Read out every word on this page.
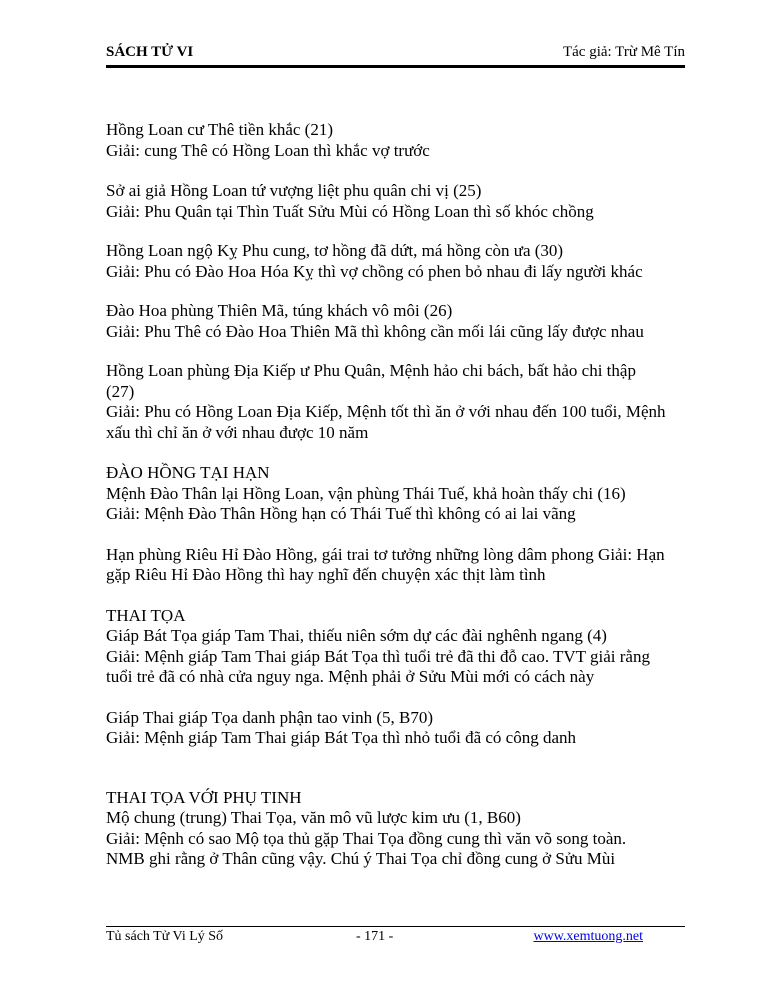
SÁCH TỬ VI	Tác giả: Trừ Mê Tín

Hồng Loan cư Thê tiền khắc (21)

Giải: cung Thê có Hồng Loan thì khắc vợ trước

Sở ai giả Hồng Loan tứ vượng liệt phu quân chi vị (25)

Giải: Phu Quân tại Thìn Tuất Sửu Mùi có Hồng Loan thì số khóc chồng

Hồng Loan ngộ Kỵ Phu cung, tơ hồng đã dứt, má hồng còn ưa (30)

Giải: Phu có Đào Hoa Hóa Kỵ thì vợ chồng có phen bỏ nhau đi lấy người khác

Đào Hoa phùng Thiên Mã, túng khách vô môi (26)

Giải: Phu Thê có Đào Hoa Thiên Mã thì không cần mối lái cũng lấy được nhau

Hồng Loan phùng Địa Kiếp ư Phu Quân, Mệnh hảo chi bách, bất hảo chi thập

(27)

Giải: Phu có Hồng Loan Địa Kiếp, Mệnh tốt thì ăn ở với nhau đến 100 tuổi, Mệnh

xấu thì chỉ ăn ở với nhau được 10 năm

ĐÀO HỒNG TẠI HẠN

Mệnh Đào Thân lại Hồng Loan, vận phùng Thái Tuế, khả hoàn thấy chi (16)

Giải: Mệnh Đào Thân Hồng hạn có Thái Tuế thì không có ai lai vãng

Hạn phùng Riêu Hỉ Đào Hồng, gái trai tơ tưởng những lòng dâm phong Giải: Hạn

gặp Riêu Hỉ Đào Hồng thì hay nghĩ đến chuyện xác thịt làm tình

THAI TỌA

Giáp Bát Tọa giáp Tam Thai, thiếu niên sớm dự các đài nghênh ngang (4)

Giải: Mệnh giáp Tam Thai giáp Bát Tọa thì tuổi trẻ đã thi đỗ cao. TVT giải rằng

tuổi trẻ đã có nhà cửa nguy nga. Mệnh phải ở Sửu Mùi mới có cách này

Giáp Thai giáp Tọa danh phận tao vinh (5, B70)

Giải: Mệnh giáp Tam Thai giáp Bát Tọa thì nhỏ tuổi đã có công danh

THAI TỌA VỚI PHỤ TINH

Mộ chung (trung) Thai Tọa, văn mô vũ lược kim ưu (1, B60)

Giải: Mệnh có sao Mộ tọa thủ gặp Thai Tọa đồng cung thì văn võ song toàn.

NMB ghi rằng ở Thân cũng vậy. Chú ý Thai Tọa chỉ đồng cung ở Sửu Mùi

Tủ sách Tử Vi Lý Số	- 171 -	www.xemtuong.net
